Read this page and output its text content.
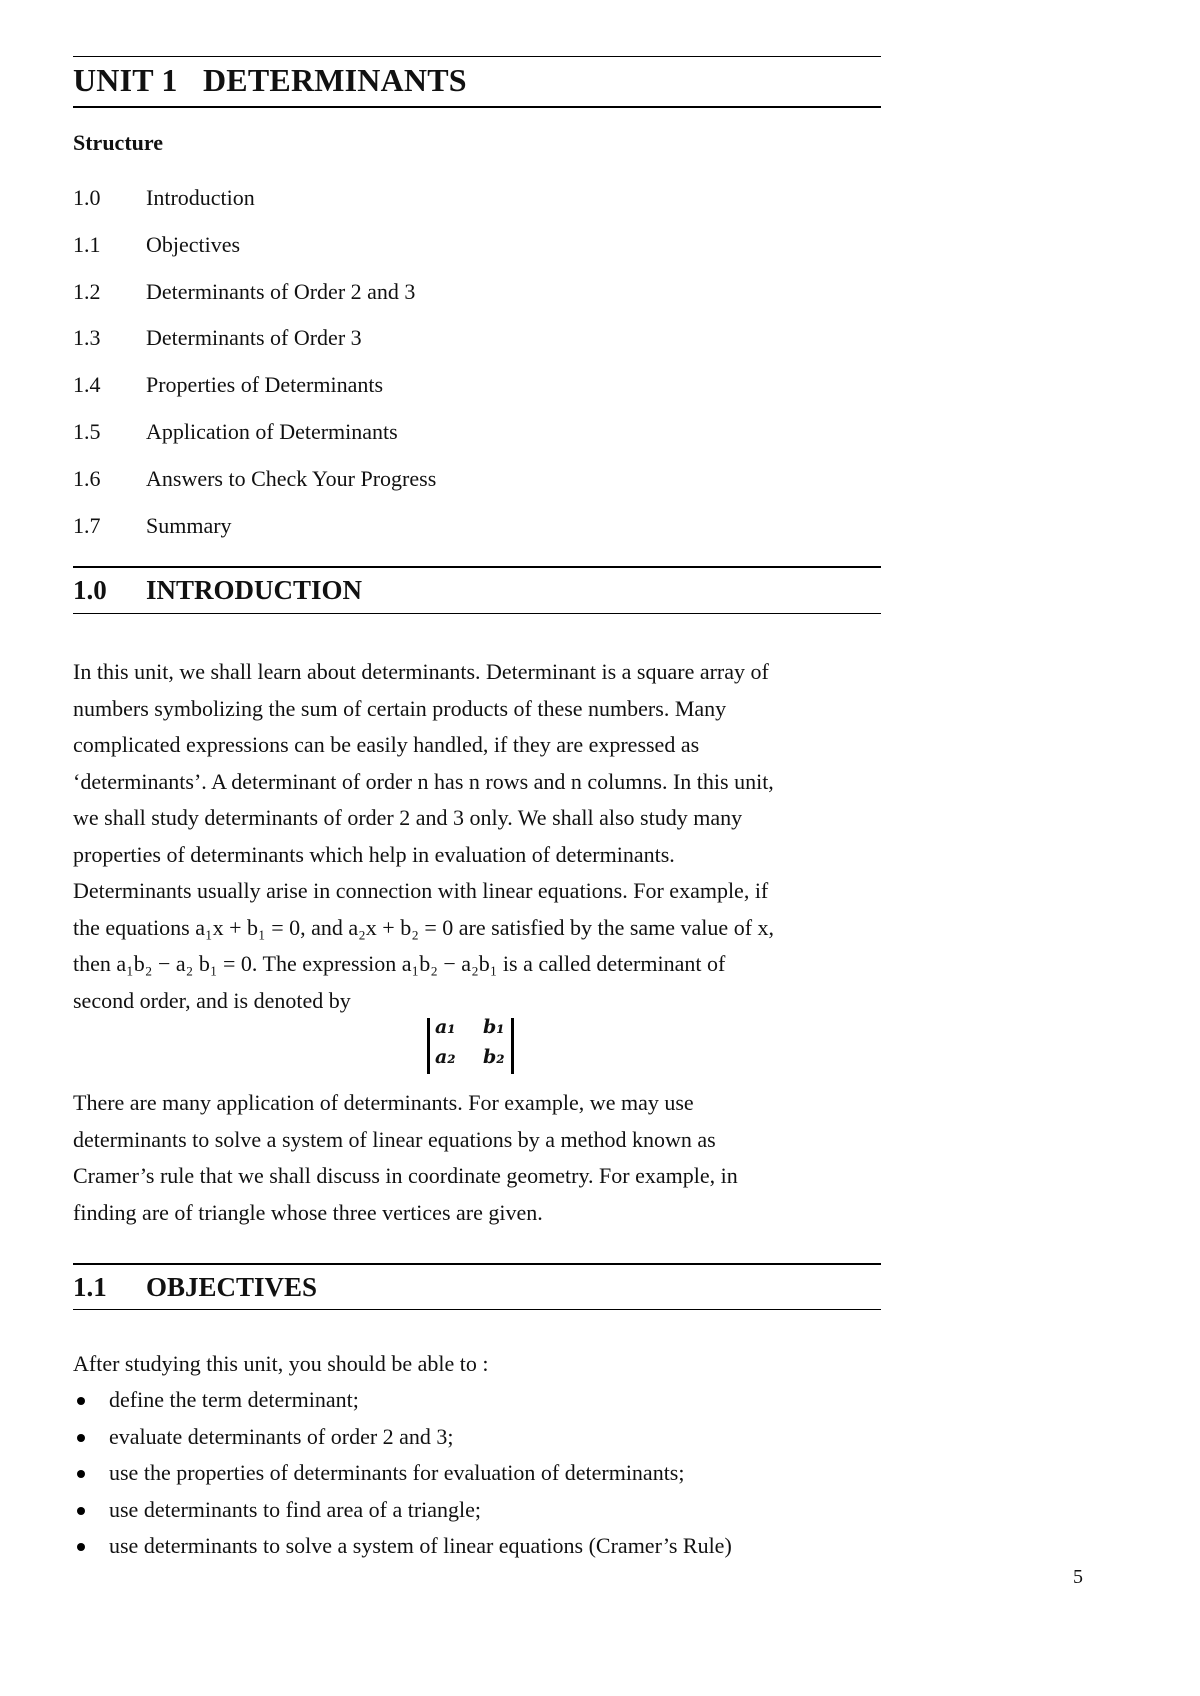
UNIT 1 DETERMINANTS
Structure
1.0	Introduction
1.1	Objectives
1.2	Determinants of Order 2 and 3
1.3	Determinants of Order 3
1.4	Properties of Determinants
1.5	Application of Determinants
1.6	Answers to Check Your Progress
1.7	Summary
1.0 INTRODUCTION
In this unit, we shall learn about determinants. Determinant is a square array of
numbers symbolizing the sum of certain products of these numbers. Many
complicated expressions can be easily handled, if they are expressed as
‘determinants’. A determinant of order n has n rows and n columns. In this unit,
we shall study determinants of order 2 and 3 only. We shall also study many
properties of determinants which help in evaluation of determinants.
Determinants usually arise in connection with linear equations. For example, if
the equations a₁x + b₁ = 0, and a₂x + b₂ = 0 are satisfied by the same value of x,
then a₁b₂ − a₂ b₁ = 0. The expression a₁b₂ − a₂b₁ is a called determinant of
second order, and is denoted by
a₁ b₁
a₂ b₂
There are many application of determinants. For example, we may use
determinants to solve a system of linear equations by a method known as
Cramer’s rule that we shall discuss in coordinate geometry. For example, in
finding are of triangle whose three vertices are given.
1.1 OBJECTIVES
After studying this unit, you should be able to :
define the term determinant;
evaluate determinants of order 2 and 3;
use the properties of determinants for evaluation of determinants;
use determinants to find area of a triangle;
use determinants to solve a system of linear equations (Cramer’s Rule)
5
